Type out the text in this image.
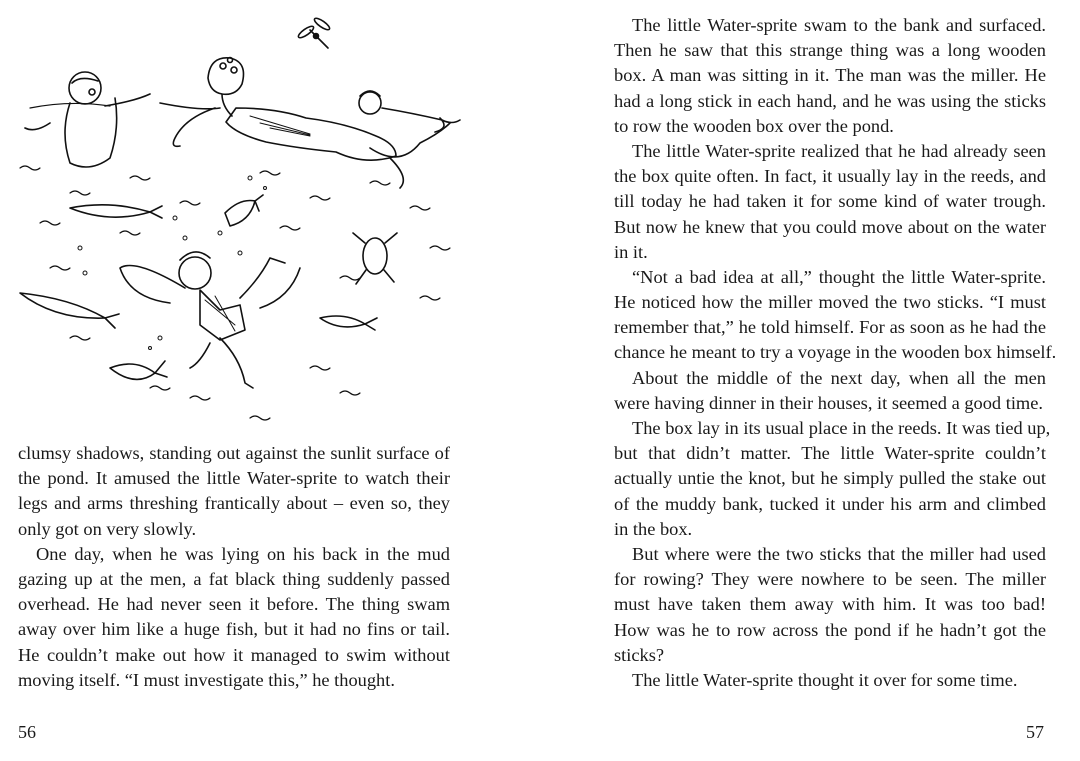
clumsy shadows, standing out against the sunlit surface of
the pond. It amused the little Water-sprite to watch their
legs and arms threshing frantically about – even so, they
only got on very slowly.
One day, when he was lying on his back in the mud
gazing up at the men, a fat black thing suddenly passed
overhead. He had never seen it before. The thing swam
away over him like a huge fish, but it had no fins or tail.
He couldn’t make out how it managed to swim without
moving itself. “I must investigate this,” he thought.
56
The little Water-sprite swam to the bank and surfaced.
Then he saw that this strange thing was a long wooden
box. A man was sitting in it. The man was the miller. He
had a long stick in each hand, and he was using the sticks
to row the wooden box over the pond.
The little Water-sprite realized that he had already seen
the box quite often. In fact, it usually lay in the reeds, and
till today he had taken it for some kind of water trough.
But now he knew that you could move about on the water
in it.
“Not a bad idea at all,” thought the little Water-sprite.
He noticed how the miller moved the two sticks. “I must
remember that,” he told himself. For as soon as he had the
chance he meant to try a voyage in the wooden box himself.
About the middle of the next day, when all the men
were having dinner in their houses, it seemed a good time.
The box lay in its usual place in the reeds. It was tied up,
but that didn’t matter. The little Water-sprite couldn’t
actually untie the knot, but he simply pulled the stake out
of the muddy bank, tucked it under his arm and climbed
in the box.
But where were the two sticks that the miller had used
for rowing? They were nowhere to be seen. The miller
must have taken them away with him. It was too bad!
How was he to row across the pond if he hadn’t got the
sticks?
The little Water-sprite thought it over for some time.
57
